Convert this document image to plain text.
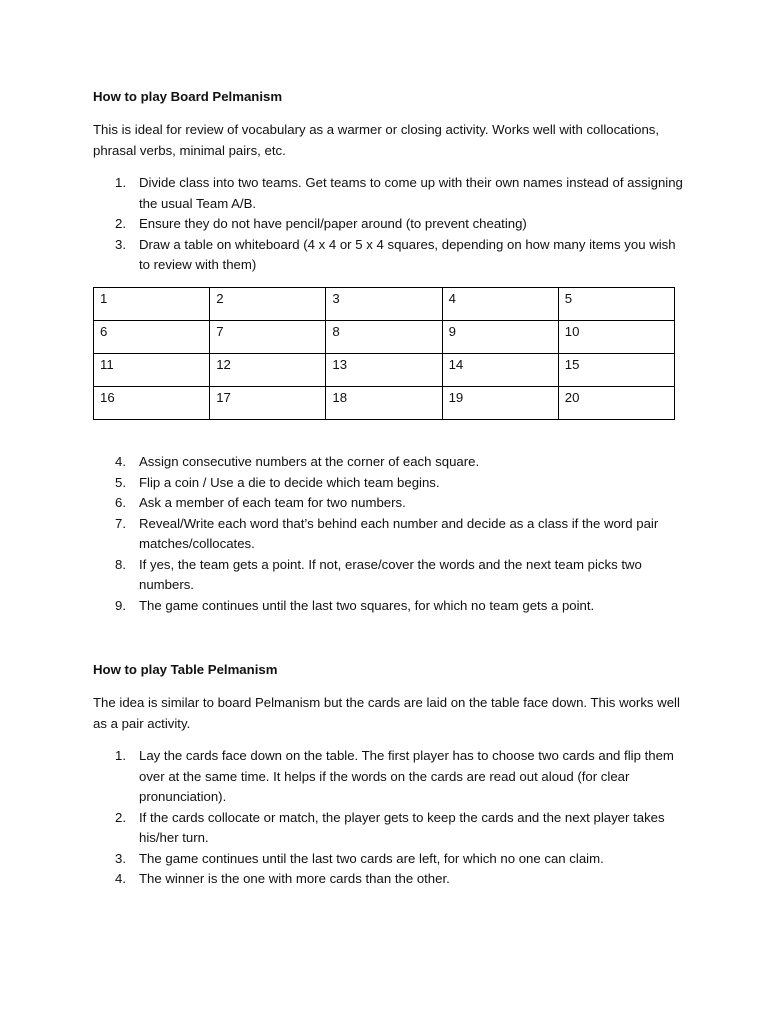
How to play Board Pelmanism
This is ideal for review of vocabulary as a warmer or closing activity. Works well with collocations, phrasal verbs, minimal pairs, etc.
1. Divide class into two teams. Get teams to come up with their own names instead of assigning the usual Team A/B.
2. Ensure they do not have pencil/paper around (to prevent cheating)
3. Draw a table on whiteboard (4 x 4 or 5 x 4 squares, depending on how many items you wish to review with them)
1	2	3	4	5
6	7	8	9	10
11	12	13	14	15
16	17	18	19	20
4. Assign consecutive numbers at the corner of each square.
5. Flip a coin / Use a die to decide which team begins.
6. Ask a member of each team for two numbers.
7. Reveal/Write each word that’s behind each number and decide as a class if the word pair matches/collocates.
8. If yes, the team gets a point. If not, erase/cover the words and the next team picks two numbers.
9. The game continues until the last two squares, for which no team gets a point.
How to play Table Pelmanism
The idea is similar to board Pelmanism but the cards are laid on the table face down. This works well as a pair activity.
1. Lay the cards face down on the table. The first player has to choose two cards and flip them over at the same time. It helps if the words on the cards are read out aloud (for clear pronunciation).
2. If the cards collocate or match, the player gets to keep the cards and the next player takes his/her turn.
3. The game continues until the last two cards are left, for which no one can claim.
4. The winner is the one with more cards than the other.
